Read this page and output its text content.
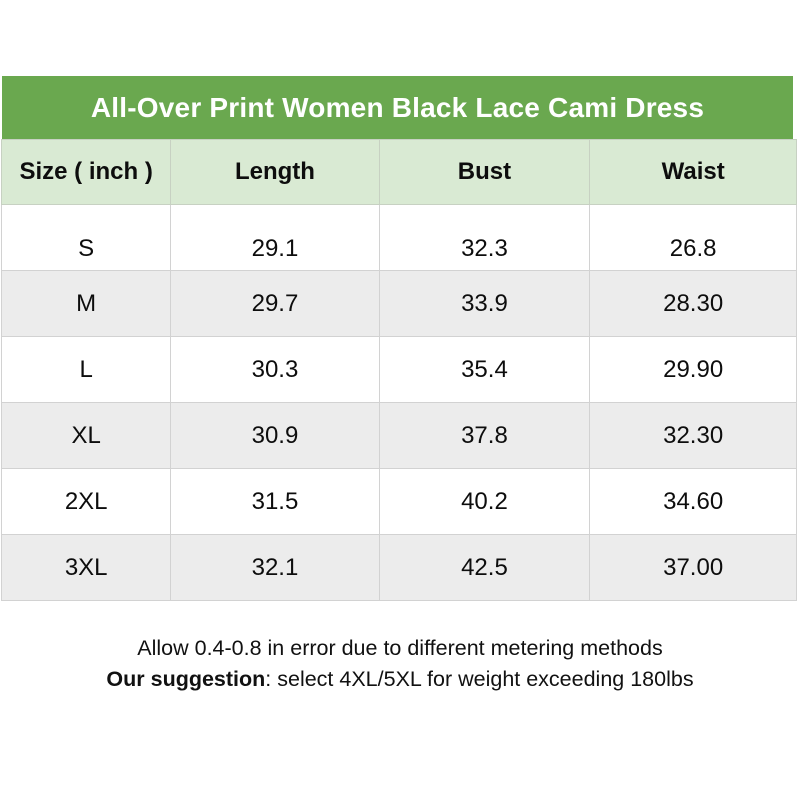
All-Over Print Women Black Lace Cami Dress
Size ( inch )	Length	Bust	Waist
S	29.1	32.3	26.8
M	29.7	33.9	28.30
L	30.3	35.4	29.90
XL	30.9	37.8	32.30
2XL	31.5	40.2	34.60
3XL	32.1	42.5	37.00
Allow 0.4-0.8 in error due to different metering methods
Our suggestion: select 4XL/5XL for weight exceeding 180lbs
